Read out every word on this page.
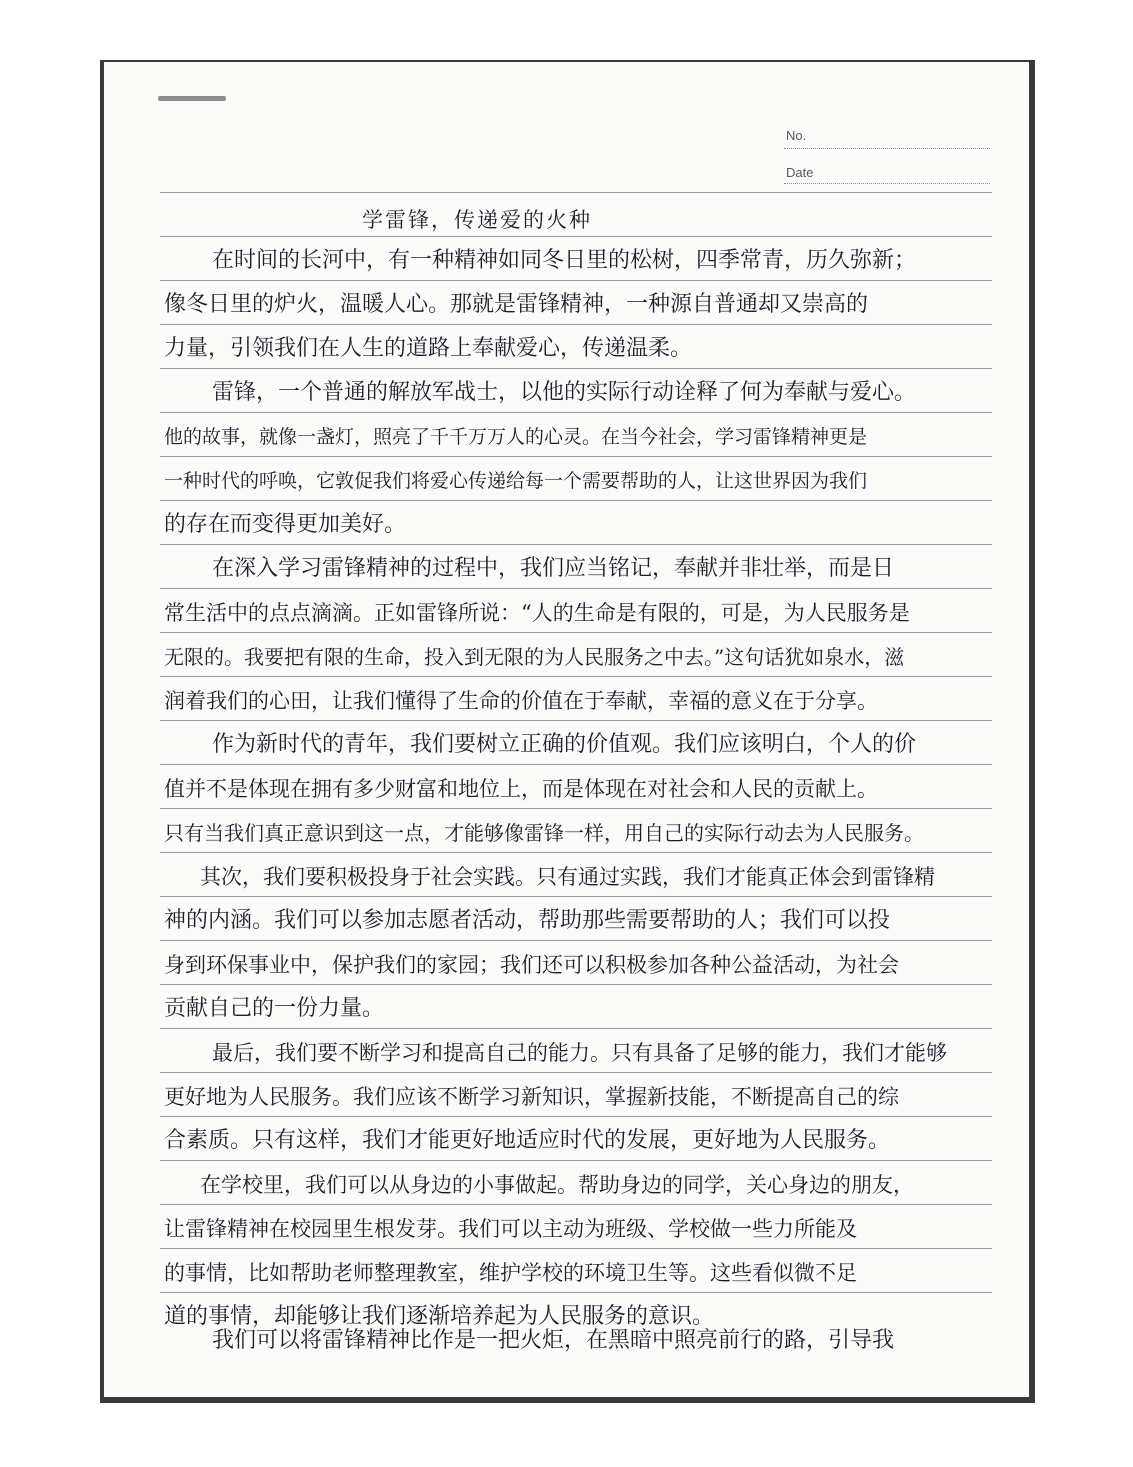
No.
Date
学雷锋，传递爱的火种
在时间的长河中，有一种精神如同冬日里的松树，四季常青，历久弥新；
像冬日里的炉火，温暖人心。那就是雷锋精神，一种源自普通却又崇高的
力量，引领我们在人生的道路上奉献爱心，传递温柔。
雷锋，一个普通的解放军战士，以他的实际行动诠释了何为奉献与爱心。
他的故事，就像一盏灯，照亮了千千万万人的心灵。在当今社会，学习雷锋精神更是
一种时代的呼唤，它敦促我们将爱心传递给每一个需要帮助的人，让这世界因为我们
的存在而变得更加美好。
在深入学习雷锋精神的过程中，我们应当铭记，奉献并非壮举，而是日
常生活中的点点滴滴。正如雷锋所说：“人的生命是有限的，可是，为人民服务是
无限的。我要把有限的生命，投入到无限的为人民服务之中去。”这句话犹如泉水，滋
润着我们的心田，让我们懂得了生命的价值在于奉献，幸福的意义在于分享。
作为新时代的青年，我们要树立正确的价值观。我们应该明白，个人的价
值并不是体现在拥有多少财富和地位上，而是体现在对社会和人民的贡献上。
只有当我们真正意识到这一点，才能够像雷锋一样，用自己的实际行动去为人民服务。
其次，我们要积极投身于社会实践。只有通过实践，我们才能真正体会到雷锋精
神的内涵。我们可以参加志愿者活动，帮助那些需要帮助的人；我们可以投
身到环保事业中，保护我们的家园；我们还可以积极参加各种公益活动，为社会
贡献自己的一份力量。
最后，我们要不断学习和提高自己的能力。只有具备了足够的能力，我们才能够
更好地为人民服务。我们应该不断学习新知识，掌握新技能，不断提高自己的综
合素质。只有这样，我们才能更好地适应时代的发展，更好地为人民服务。
在学校里，我们可以从身边的小事做起。帮助身边的同学，关心身边的朋友，
让雷锋精神在校园里生根发芽。我们可以主动为班级、学校做一些力所能及
的事情，比如帮助老师整理教室，维护学校的环境卫生等。这些看似微不足
道的事情，却能够让我们逐渐培养起为人民服务的意识。
我们可以将雷锋精神比作是一把火炬，在黑暗中照亮前行的路，引导我
